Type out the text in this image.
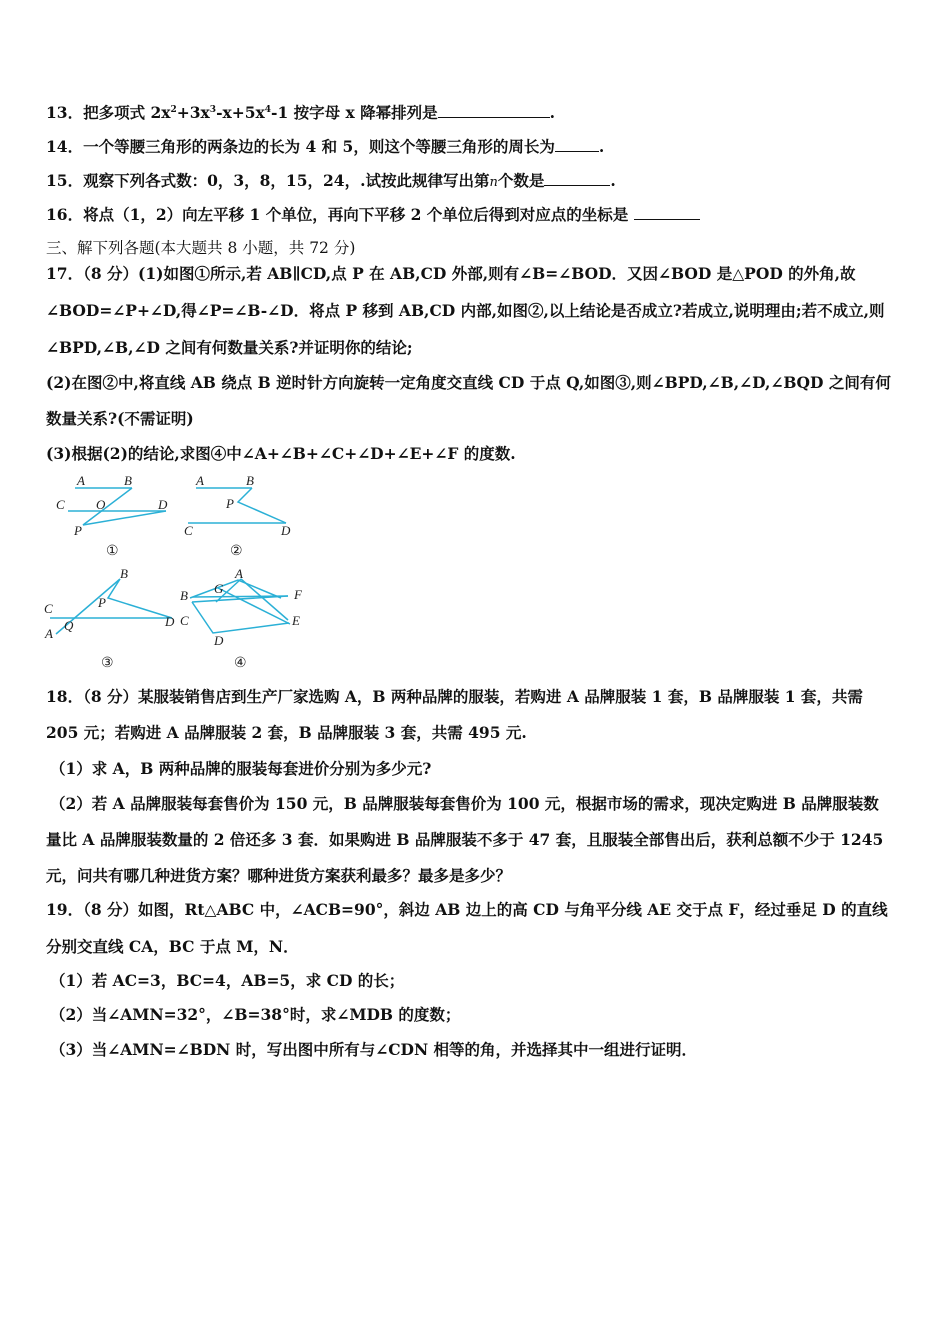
13．把多项式 $2x^2+3x^3-x+5x^4-1$ 按字母 x 降幂排列是	.
14．一个等腰三角形的两条边的长为 4 和 5，则这个等腰三角形的周长为	.
15．观察下列各式数：0，3，8，15，24，.试按此规律写出第n个数是	.
16．将点（1，2）向左平移 1 个单位，再向下平移 2 个单位后得到对应点的坐标是
三、解下列各题(本大题共 8 小题，共 72 分)
17．（8 分）(1)如图①所示,若 AB∥CD,点 P 在 AB,CD 外部,则有∠B=∠BOD．又因∠BOD 是△POD 的外角,故
∠BOD=∠P+∠D,得∠P=∠B-∠D．将点 P 移到 AB,CD 内部,如图②,以上结论是否成立?若成立,说明理由;若不成立,则
∠BPD,∠B,∠D 之间有何数量关系?并证明你的结论;
(2)在图②中,将直线 AB 绕点 B 逆时针方向旋转一定角度交直线 CD 于点 Q,如图③,则∠BPD,∠B,∠D,∠BQD 之间有何
数量关系?(不需证明)
(3)根据(2)的结论,求图④中∠A+∠B+∠C+∠D+∠E+∠F 的度数.
A	B
C O	D
P
①
A	B
P
C	D
②
B
P
C
A
Q	D
③
A
G
B	F
C	E
D
④
18．（8 分）某服装销售店到生产厂家选购 A，B 两种品牌的服装，若购进 A 品牌服装 1 套，B 品牌服装 1 套，共需
205 元；若购进 A 品牌服装 2 套，B 品牌服装 3 套，共需 495 元.
（1）求 A，B 两种品牌的服装每套进价分别为多少元?
（2）若 A 品牌服装每套售价为 150 元，B 品牌服装每套售价为 100 元，根据市场的需求，现决定购进 B 品牌服装数
量比 A 品牌服装数量的 2 倍还多 3 套．如果购进 B 品牌服装不多于 47 套，且服装全部售出后，获利总额不少于 1245
元，问共有哪几种进货方案？哪种进货方案获利最多？最多是多少？
19．（8 分）如图，Rt△ABC 中，∠ACB=90°，斜边 AB 边上的高 CD 与角平分线 AE 交于点 F，经过垂足 D 的直线
分别交直线 CA，BC 于点 M，N．
（1）若 AC=3，BC=4，AB=5，求 CD 的长；
（2）当∠AMN=32°，∠B=38°时，求∠MDB 的度数；
（3）当∠AMN=∠BDN 时，写出图中所有与∠CDN 相等的角，并选择其中一组进行证明．
